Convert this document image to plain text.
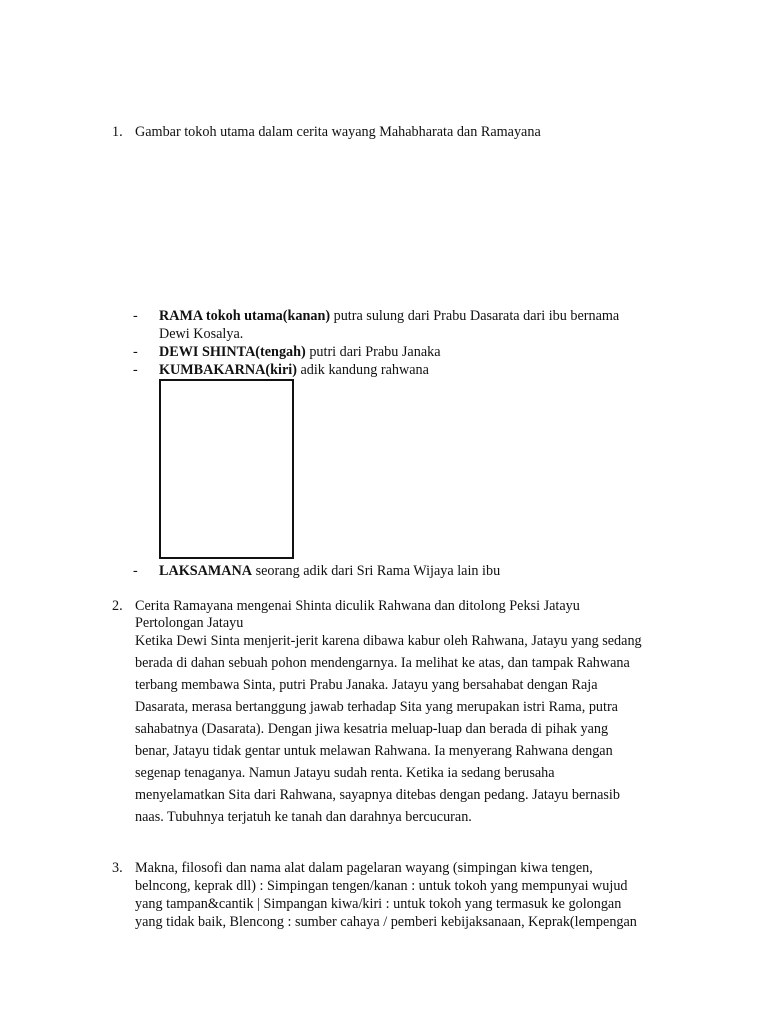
1. Gambar tokoh utama dalam cerita wayang Mahabharata dan Ramayana
- RAMA tokoh utama(kanan) putra sulung dari Prabu Dasarata dari ibu bernama
Dewi Kosalya.
- DEWI SHINTA(tengah) putri dari Prabu Janaka
- KUMBAKARNA(kiri) adik kandung rahwana
- LAKSAMANA seorang adik dari Sri Rama Wijaya lain ibu
2. Cerita Ramayana mengenai Shinta diculik Rahwana dan ditolong Peksi Jatayu
Pertolongan Jatayu
Ketika Dewi Sinta menjerit-jerit karena dibawa kabur oleh Rahwana, Jatayu yang sedang
berada di dahan sebuah pohon mendengarnya. Ia melihat ke atas, dan tampak Rahwana
terbang membawa Sinta, putri Prabu Janaka. Jatayu yang bersahabat dengan Raja
Dasarata, merasa bertanggung jawab terhadap Sita yang merupakan istri Rama, putra
sahabatnya (Dasarata). Dengan jiwa kesatria meluap-luap dan berada di pihak yang
benar, Jatayu tidak gentar untuk melawan Rahwana. Ia menyerang Rahwana dengan
segenap tenaganya. Namun Jatayu sudah renta. Ketika ia sedang berusaha
menyelamatkan Sita dari Rahwana, sayapnya ditebas dengan pedang. Jatayu bernasib
naas. Tubuhnya terjatuh ke tanah dan darahnya bercucuran.
3. Makna, filosofi dan nama alat dalam pagelaran wayang (simpingan kiwa tengen,
belncong, keprak dll) : Simpingan tengen/kanan : untuk tokoh yang mempunyai wujud
yang tampan&cantik | Simpangan kiwa/kiri : untuk tokoh yang termasuk ke golongan
yang tidak baik, Blencong : sumber cahaya / pemberi kebijaksanaan, Keprak(lempengan
